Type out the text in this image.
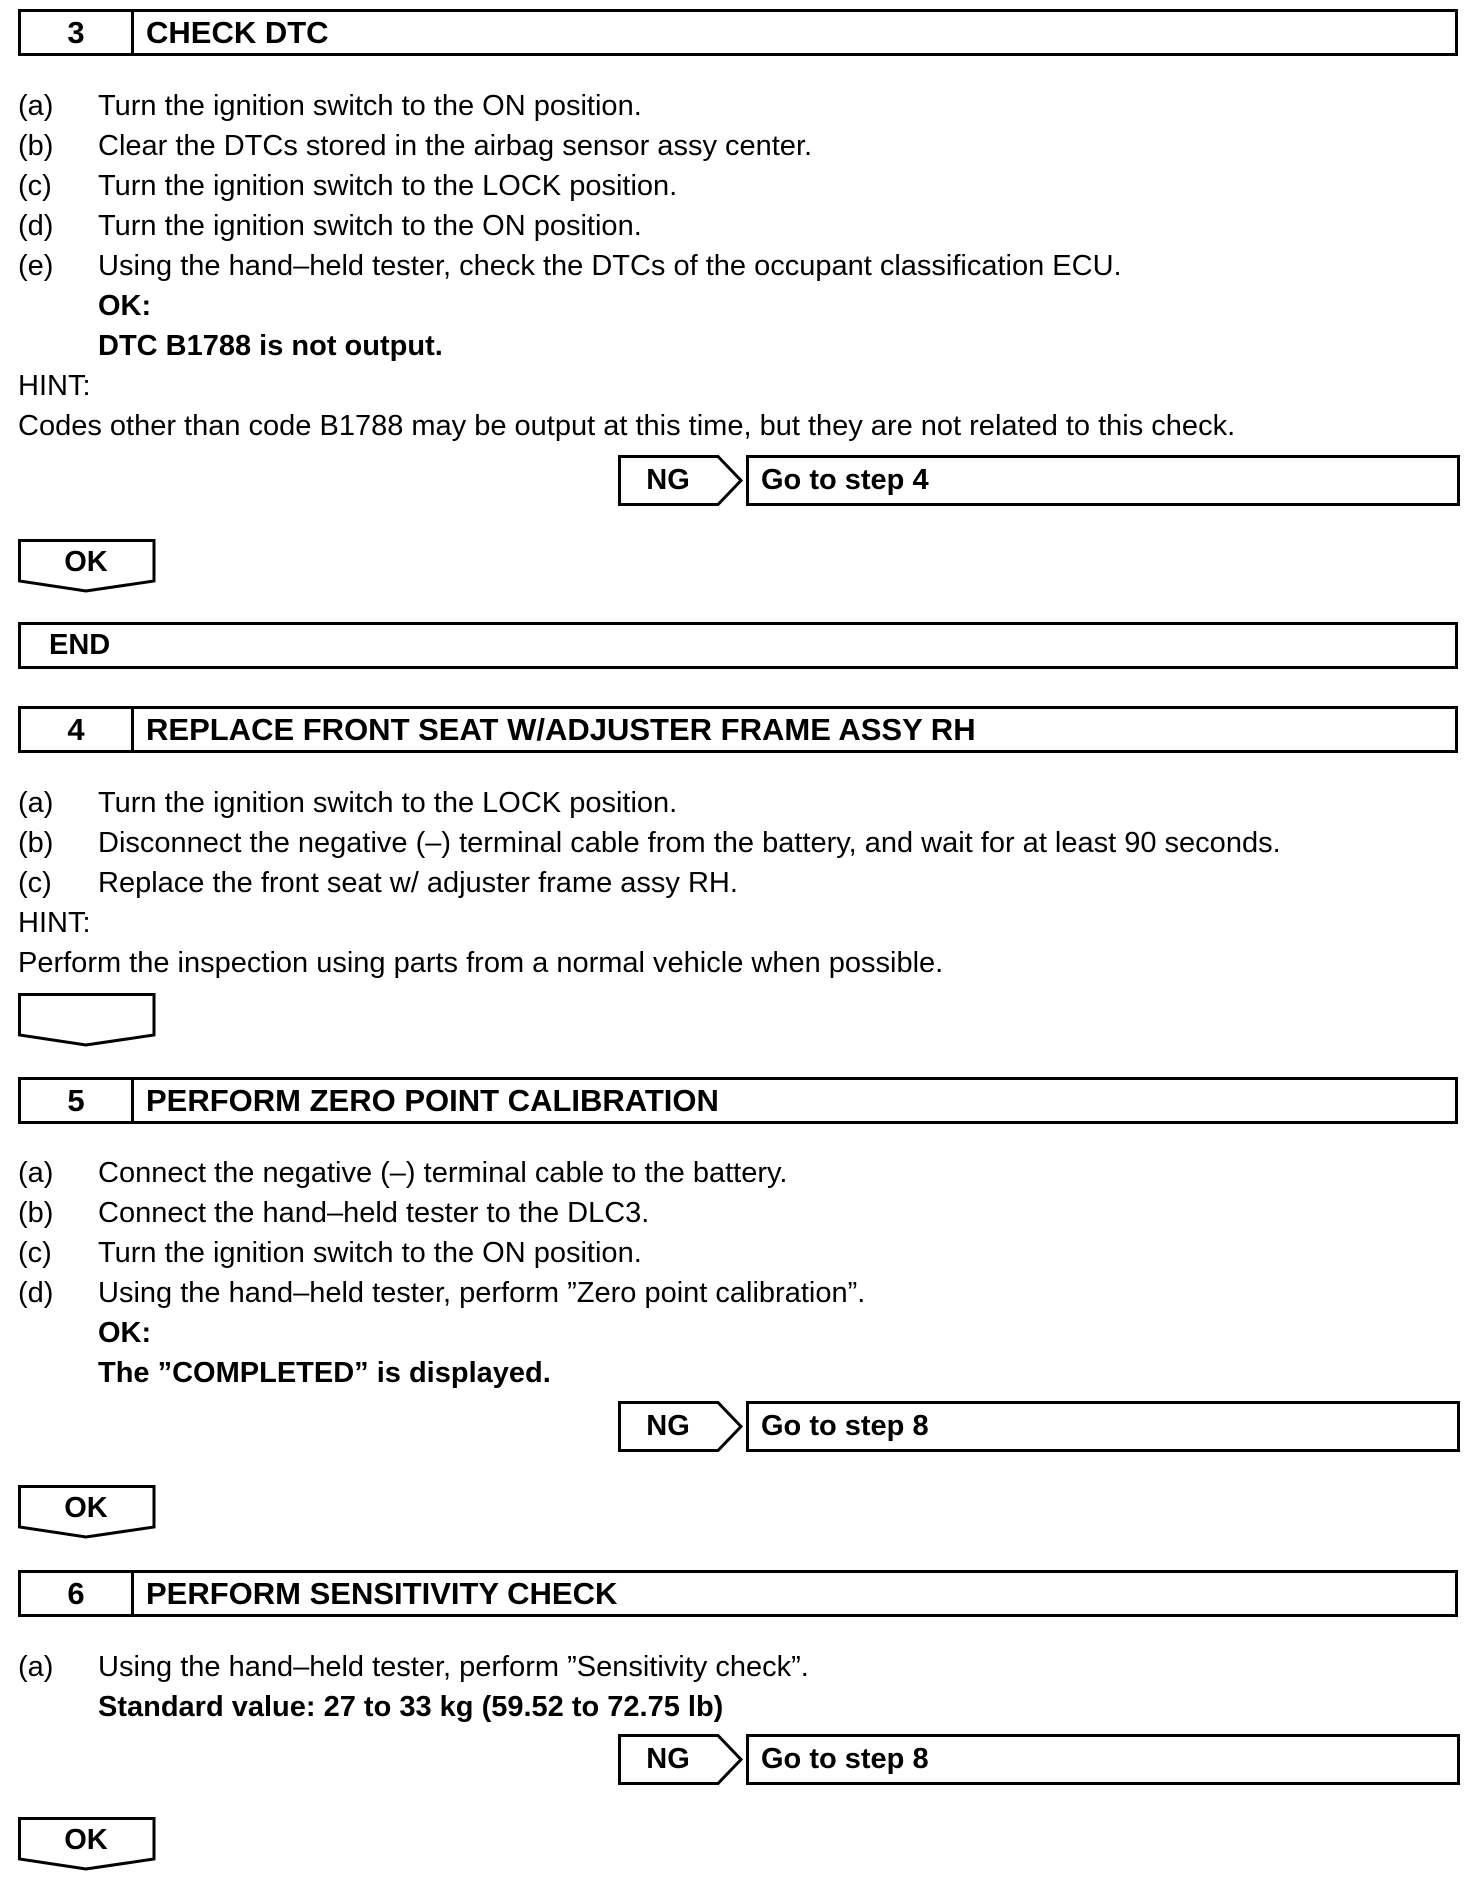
3	CHECK DTC
(a) Turn the ignition switch to the ON position.
(b) Clear the DTCs stored in the airbag sensor assy center.
(c) Turn the ignition switch to the LOCK position.
(d) Turn the ignition switch to the ON position.
(e) Using the hand–held tester, check the DTCs of the occupant classification ECU.
OK:
DTC B1788 is not output.
HINT:
Codes other than code B1788 may be output at this time, but they are not related to this check.
NG	Go to step 4
OK
END
4	REPLACE FRONT SEAT W/ADJUSTER FRAME ASSY RH
(a) Turn the ignition switch to the LOCK position.
(b) Disconnect the negative (–) terminal cable from the battery, and wait for at least 90 seconds.
(c) Replace the front seat w/ adjuster frame assy RH.
HINT:
Perform the inspection using parts from a normal vehicle when possible.
5	PERFORM ZERO POINT CALIBRATION
(a) Connect the negative (–) terminal cable to the battery.
(b) Connect the hand–held tester to the DLC3.
(c) Turn the ignition switch to the ON position.
(d) Using the hand–held tester, perform ”Zero point calibration”.
OK:
The ”COMPLETED” is displayed.
NG	Go to step 8
OK
6	PERFORM SENSITIVITY CHECK
(a) Using the hand–held tester, perform ”Sensitivity check”.
Standard value: 27 to 33 kg (59.52 to 72.75 lb)
NG	Go to step 8
OK
